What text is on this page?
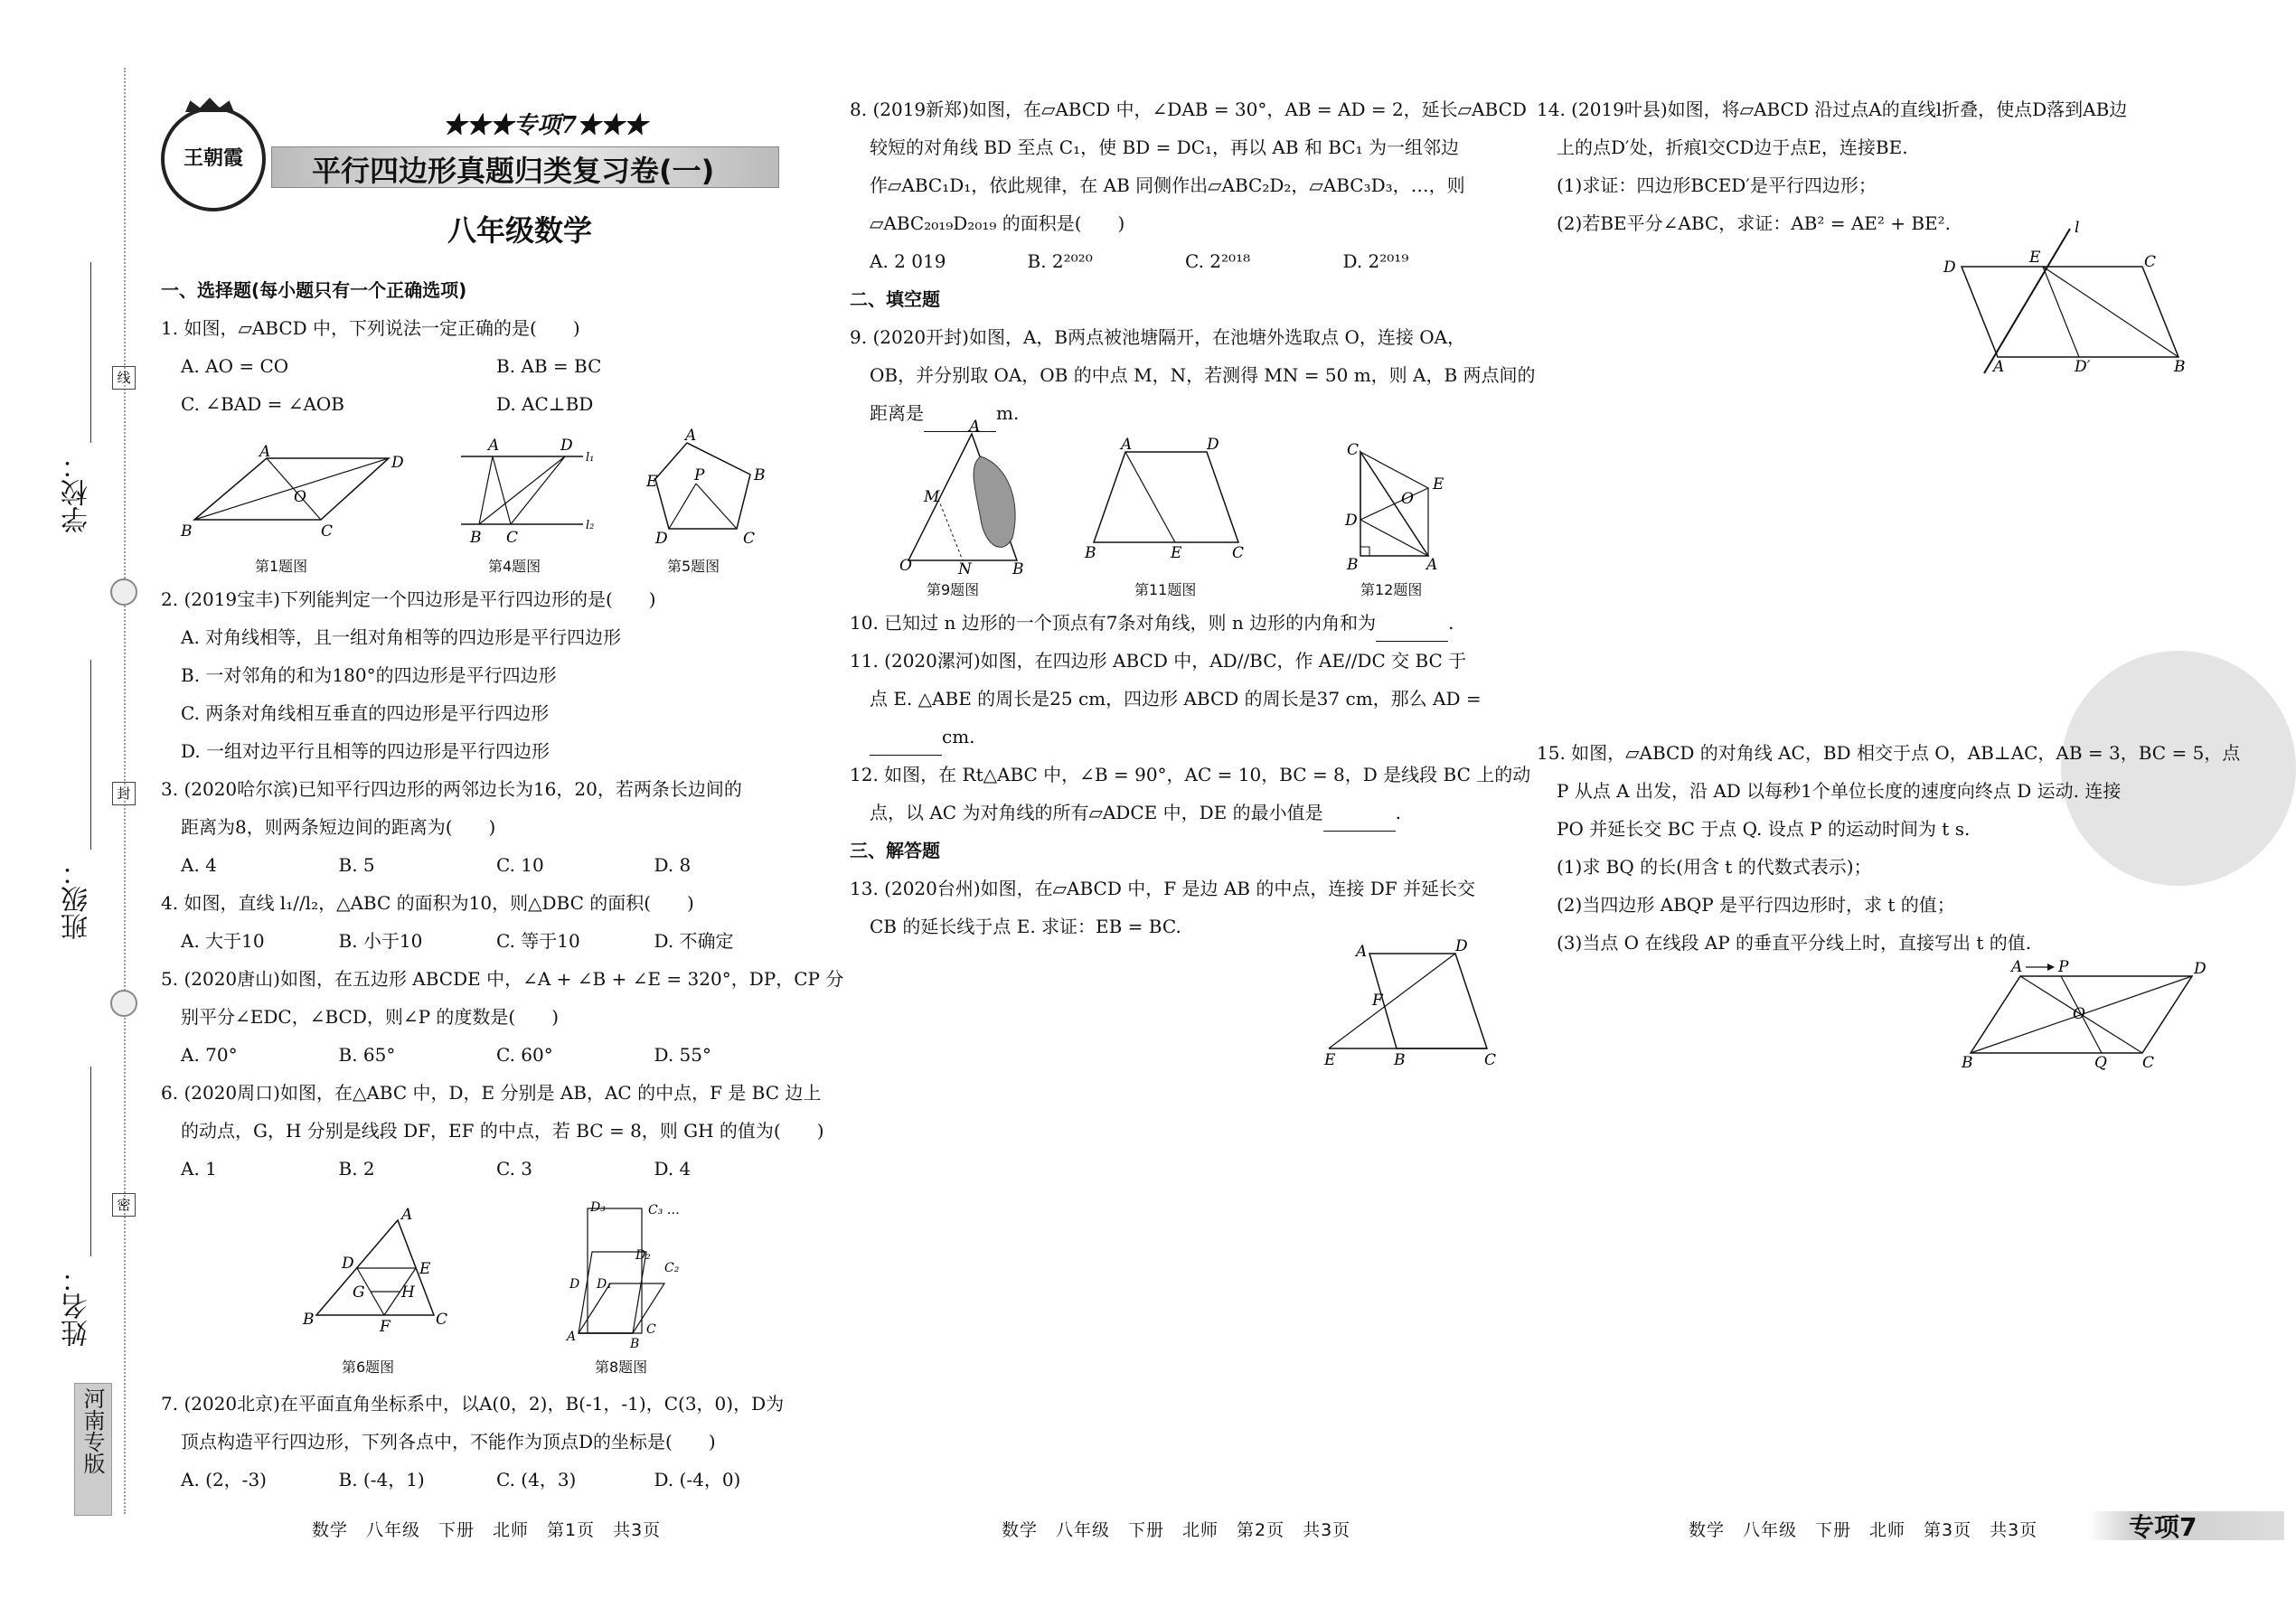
学校：
线
班级：
封
姓名：
密
河南专版
王朝霞
★★★专项7★★★
平行四边形真题归类复习卷(一)
八年级数学
一、选择题(每小题只有一个正确选项)
1. 如图，▱ABCD 中，下列说法一定正确的是(　　)
A. AO = CO	B. AB = BC
C. ∠BAD = ∠AOB	D. AC⊥BD
A
D
B	C
O
第1题图
A	D
l₁
l₂
B C
第4题图
A
B
C
D
E P
第5题图
2. (2019宝丰)下列能判定一个四边形是平行四边形的是(　　)
A. 对角线相等，且一组对角相等的四边形是平行四边形
B. 一对邻角的和为180°的四边形是平行四边形
C. 两条对角线相互垂直的四边形是平行四边形
D. 一组对边平行且相等的四边形是平行四边形
3. (2020哈尔滨)已知平行四边形的两邻边长为16，20，若两条长边间的
距离为8，则两条短边间的距离为(　　)
A. 4	B. 5	C. 10	D. 8
4. 如图，直线 l₁//l₂，△ABC 的面积为10，则△DBC 的面积(　　)
A. 大于10	B. 小于10	C. 等于10	D. 不确定
5. (2020唐山)如图，在五边形 ABCDE 中，∠A + ∠B + ∠E = 320°，DP，CP 分
别平分∠EDC，∠BCD，则∠P 的度数是(　　)
A. 70°	B. 65°	C. 60°	D. 55°
6. (2020周口)如图，在△ABC 中，D，E 分别是 AB，AC 的中点，F 是 BC 边上
的动点，G，H 分别是线段 DF，EF 的中点，若 BC = 8，则 GH 的值为(　　)
A. 1	B. 2	C. 3	D. 4
A
D	E
G H
B	F	C
第6题图
A	B
C
D
D₃	C₃ …
C₂
D₂
D₁
第8题图
7. (2020北京)在平面直角坐标系中，以A(0，2)，B(-1，-1)，C(3，0)，D为
顶点构造平行四边形，下列各点中，不能作为顶点D的坐标是(　　)
A. (2，-3)	B. (-4，1)	C. (4，3)	D. (-4，0)
8. (2019新郑)如图，在▱ABCD 中，∠DAB = 30°，AB = AD = 2，延长▱ABCD
较短的对角线 BD 至点 C₁，使 BD = DC₁，再以 AB 和 BC₁ 为一组邻边
作▱ABC₁D₁，依此规律，在 AB 同侧作出▱ABC₂D₂，▱ABC₃D₃，…，则
▱ABC₂₀₁₉D₂₀₁₉ 的面积是(　　)
A. 2 019	B. 2²⁰²⁰	C. 2²⁰¹⁸	D. 2²⁰¹⁹
二、填空题
9. (2020开封)如图，A，B两点被池塘隔开，在池塘外选取点 O，连接 OA，
OB，并分别取 OA，OB 的中点 M，N，若测得 MN = 50 m，则 A，B 两点间的
距离是	m.
A
M
O	N	B
第9题图
A	D
B	E	C
第11题图
C
E
O
D
B	A
第12题图
10. 已知过 n 边形的一个顶点有7条对角线，则 n 边形的内角和为	.
11. (2020漯河)如图，在四边形 ABCD 中，AD//BC，作 AE//DC 交 BC 于
点 E. △ABE 的周长是25 cm，四边形 ABCD 的周长是37 cm，那么 AD =
cm.
12. 如图，在 Rt△ABC 中，∠B = 90°，AC = 10，BC = 8，D 是线段 BC 上的动
点，以 AC 为对角线的所有▱ADCE 中，DE 的最小值是	.
三、解答题
13. (2020台州)如图，在▱ABCD 中，F 是边 AB 的中点，连接 DF 并延长交
CB 的延长线于点 E. 求证：EB = BC.
A	D
F
E	B	C
14. (2019叶县)如图，将▱ABCD 沿过点A的直线l折叠，使点D落到AB边
上的点D′处，折痕l交CD边于点E，连接BE.
(1)求证：四边形BCED′是平行四边形；
(2)若BE平分∠ABC，求证：AB² = AE² + BE².	l
D
E	C
A	D′	B
15. 如图，▱ABCD 的对角线 AC，BD 相交于点 O，AB⊥AC，AB = 3，BC = 5，点
P 从点 A 出发，沿 AD 以每秒1个单位长度的速度向终点 D 运动. 连接
PO 并延长交 BC 于点 Q. 设点 P 的运动时间为 t s.
(1)求 BQ 的长(用含 t 的代数式表示)；
(2)当四边形 ABQP 是平行四边形时，求 t 的值；
(3)当点 O 在线段 AP 的垂直平分线上时，直接写出 t 的值.
A P	D
O
B	Q C
数学　八年级　下册　北师　第1页　共3页	数学　八年级　下册　北师　第2页　共3页	数学　八年级　下册　北师　第3页　共3页	专项7
